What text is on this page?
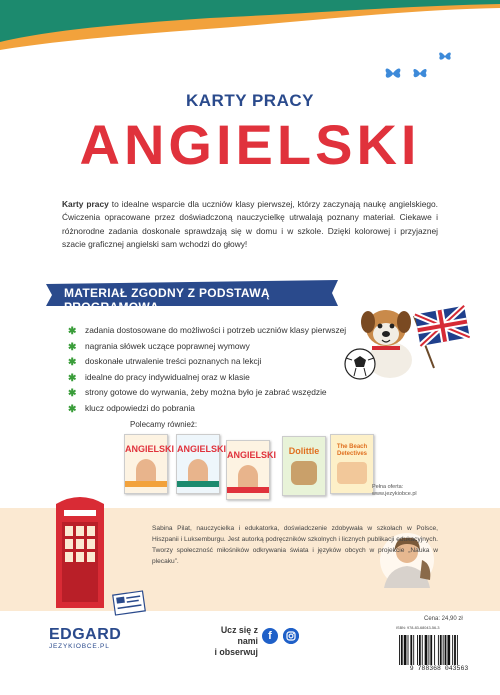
KARTY PRACY
ANGIELSKI
Karty pracy to idealne wsparcie dla uczniów klasy pierwszej, którzy zaczynają naukę angielskiego. Ćwiczenia opracowane przez doświadczoną nauczycielkę utrwalają poznany materiał. Ciekawe i różnorodne zadania doskonale sprawdzają się w domu i w szkole. Dzięki kolorowej i przyjaznej szacie graficznej angielski sam wchodzi do głowy!
MATERIAŁ ZGODNY Z PODSTAWĄ PROGRAMOWĄ
✱ zadania dostosowane do możliwości i potrzeb uczniów klasy pierwszej
✱ nagrania słówek uczące poprawnej wymowy
✱ doskonałe utrwalenie treści poznanych na lekcji
✱ idealne do pracy indywidualnej oraz w klasie
✱ strony gotowe do wyrwania, żeby można było je zabrać wszędzie
✱ klucz odpowiedzi do pobrania
Polecamy również:
ANGIELSKI ANGIELSKI
ANGIELSKI	Dolittle	The Beach Detectives
Pełna oferta:
www.jezykiobce.pl
Sabina Pilat, nauczycielka i edukatorka, doświadczenie zdobywała w szkołach w Polsce, Hiszpanii i Luksemburgu. Jest autorką podręczników szkolnych i licznych publikacji edukacyjnych. Tworzy społeczność miłośników odkrywania świata i języków obcych w projekcie „Nauka w plecaku”.
Cena: 24,90 zł
ISBN: 978-83-68043-56-3
9 788368 043563
EDGARD
JEZYKIOBCE.PL
Ucz się z nami
i obserwuj
f
